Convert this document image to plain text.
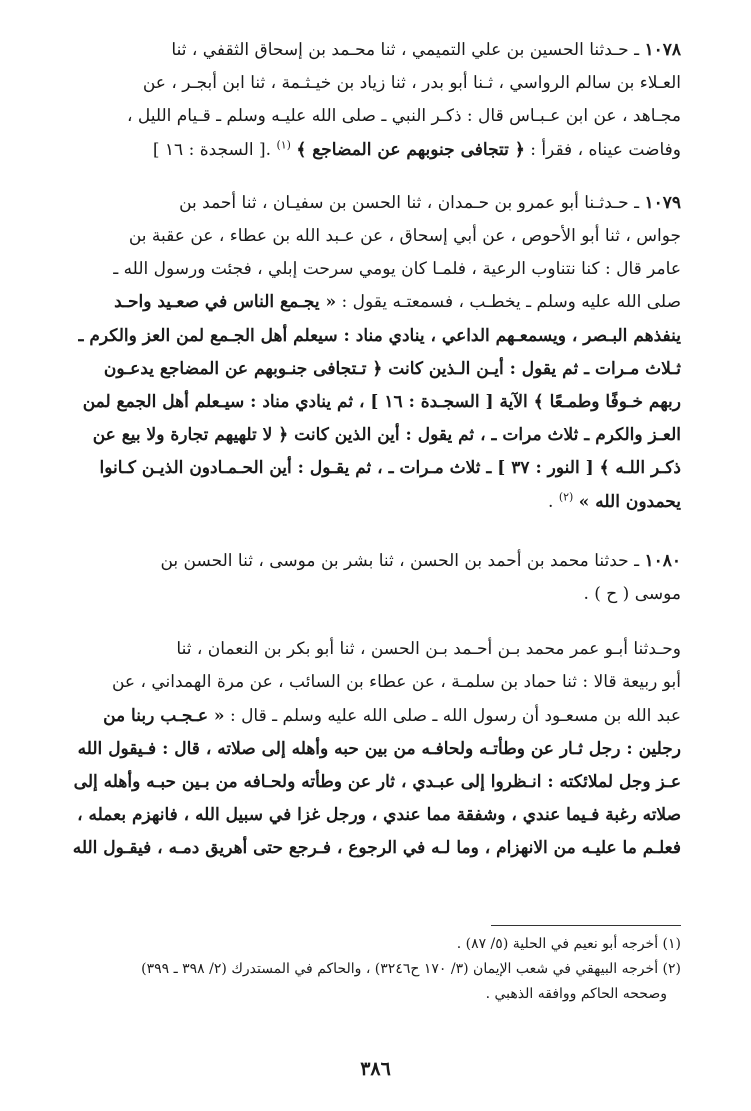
١٠٧٨ ـ حـدثنا الحسين بن علي التميمي ، ثنا محـمد بن إسحاق الثقفي ، ثنا
العـلاء بن سالم الرواسي ، ثـنا أبو بدر ، ثنا زياد بن خيـثـمة ، ثنا ابن أبجـر ، عن
مجـاهد ، عن ابن عـبـاس قال : ذكـر النبي ـ صلى الله عليـه وسلم ـ قـيام الليل ،
وفاضت عيناه ، فقرأ : ﴿ تتجافى جنوبهم عن المضاجع ﴾ $^{(١)}$ .[ السجدة : ١٦ ]

١٠٧٩ ـ حـدثـنا أبو عمرو بن حـمدان ، ثنا الحسن بن سفيـان ، ثنا أحمد بن
جواس ، ثنا أبو الأحوص ، عن أبي إسحاق ، عن عـبد الله بن عطاء ، عن عقبة بن
عامر قال : كنا نتناوب الرعية ، فلمـا كان يومي سرحت إبلي ، فجئت ورسول الله ـ
صلى الله عليه وسلم ـ يخطـب ، فسمعتـه يقول : « يجـمع الناس في صعـيد واحـد
ينفذهم البـصر ، ويسمعـهم الداعي ، ينادي مناد : سيعلم أهل الجـمع لمن العز والكرم ـ
ثـلاث مـرات ـ ثم يقول : أيـن الـذين كانت ﴿ تـتجافى جنـوبهم عن المضاجع يدعـون
ربهم خـوفًا وطمـعًا ﴾ الآية [ السجـدة : ١٦ ] ، ثم ينادي مناد : سيـعلم أهل الجمع لمن
العـز والكرم ـ ثلاث مرات ـ ، ثم يقول : أين الذين كانت ﴿ لا تلهيهم تجارة ولا بيع عن
ذكـر اللـه ﴾ [ النور : ٣٧ ] ـ ثلاث مـرات ـ ، ثم يقـول : أين الحـمـادون الذيـن كـانوا
يحمدون الله » $^{(٢)}$ .

١٠٨٠ ـ حدثنا محمد بن أحمد بن الحسن ، ثنا بشر بن موسى ، ثنا الحسن بن
موسى ( ح ) .

وحـدثنا أبـو عمر محمد بـن أحـمد بـن الحسن ، ثنا أبو بكر بن النعمان ، ثنا
أبو ربيعة قالا : ثنا حماد بن سلمـة ، عن عطاء بن السائب ، عن مرة الهمداني ، عن
عبد الله بن مسعـود أن رسول الله ـ صلى الله عليه وسلم ـ قال : « عـجـب ربنا من
رجلين : رجل ثـار عن وطأتـه ولحافـه من بين حبه وأهله إلى صلاته ، قال : فـيقول الله
عـز وجل لملائكته : انـظروا إلى عبـدي ، ثار عن وطأته ولحـافه من بـين حبـه وأهله إلى
صلاته رغبة فـيما عندي ، وشفقة مما عندي ، ورجل غزا في سبيل الله ، فانهزم بعمله ،
فعلـم ما عليـه من الانهزام ، وما لـه في الرجوع ، فـرجع حتى أهريق دمـه ، فيقـول الله

(١) أخرجه أبو نعيم في الحلية (٥/ ٨٧) .

(٢) أخرجه البيهقي في شعب الإيمان (٣/ ١٧٠ ح٣٢٤٦) ، والحاكم في المستدرك (٢/ ٣٩٨ ـ ٣٩٩)

وصححه الحاكم ووافقه الذهبي .

٣٨٦
